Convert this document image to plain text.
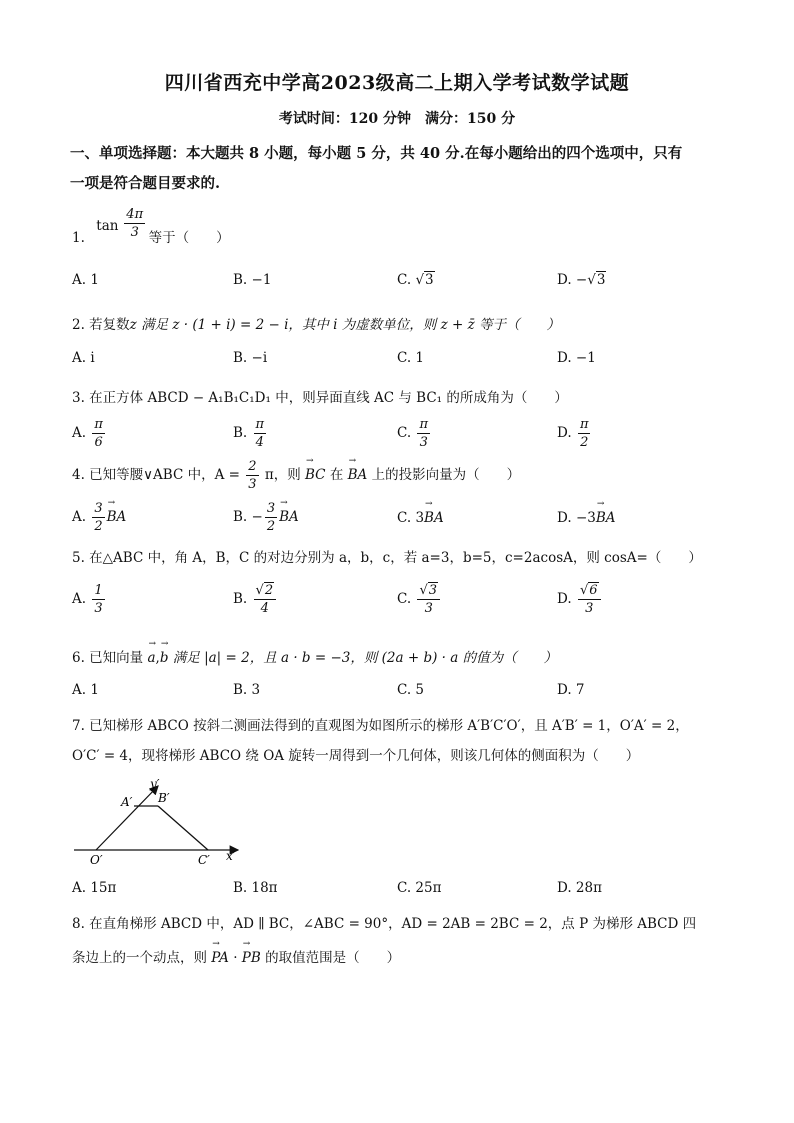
四川省西充中学高2023级高二上期入学考试数学试题
考试时间：120 分钟　满分：150 分
一、单项选择题：本大题共 8 小题，每小题 5 分，共 40 分.在每小题给出的四个选项中，只有
一项是符合题目要求的.
1.
$\tan \frac{4\pi}{3}$ 等于（　　）
A. 1	B. −1	C. √3	D. −√3
2. 若复数z 满足 z · (1 + i) = 2 − i，其中 i 为虚数单位，则 z + z̄ 等于（　　）
A. i	B. −i	C. 1	D. −1
3. 在正方体 ABCD − A₁B₁C₁D₁ 中，则异面直线 AC 与 BC₁ 的所成角为（　　）
A. $\frac{\pi}{6}$	B. $\frac{\pi}{4}$	C. $\frac{\pi}{3}$	D. $\frac{\pi}{2}$
4. 已知等腰∨ABC 中，$A = \frac{2}{3}$ π，则 → BC 在 → BA 上的投影向量为（　　）
A. $\frac{3}{2}$ → BA	B. − $\frac{3}{2}$ → BA	C. 3→ BA	D. −3→ BA
5. 在△ABC 中，角 A，B，C 的对边分别为 a，b，c，若 a=3，b=5，c=2acosA，则 cosA=（　　）
A. $\frac{1}{3}$	B. $\frac{√2}{4}$	C. $\frac{√3}{3}$	D. $\frac{√6}{3}$
6. 已知向量 → a,→ b 满足 |a| = 2，且 a · b = −3，则 (2a + b) · a 的值为（　　）
A. 1	B. 3	C. 5	D. 7
7. 已知梯形 ABCO 按斜二测画法得到的直观图为如图所示的梯形 A′B′C′O′，且 A′B′ = 1，O′A′ = 2，
O′C′ = 4，现将梯形 ABCO 绕 OA 旋转一周得到一个几何体，则该几何体的侧面积为（　　）
y′
A′ B′
O′	C′ x′
A. 15π	B. 18π	C. 25π	D. 28π
8. 在直角梯形 ABCD 中，AD ∥ BC，∠ABC = 90°，AD = 2AB = 2BC = 2，点 P 为梯形 ABCD 四
条边上的一个动点，则 → PA · → PB 的取值范围是（　　）
